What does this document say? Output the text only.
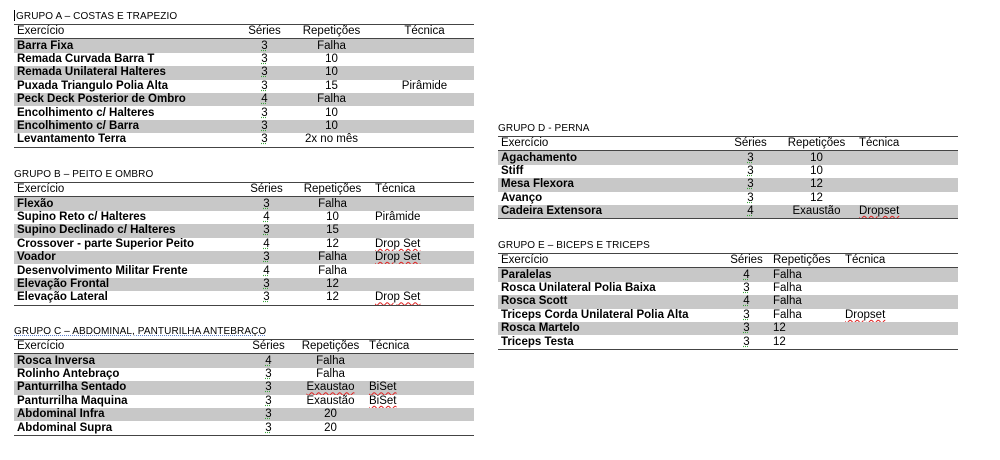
GRUPO A – COSTAS E TRAPEZIO
Exercício	Séries	Repetições	Técnica
Barra Fixa	3	Falha	
Remada Curvada Barra T	3	10	
Remada Unilateral Halteres	3	10	
Puxada Triangulo Polia Alta	3	15	Pirâmide
Peck Deck Posterior de Ombro	4	Falha	
Encolhimento c/ Halteres	3	10	
Encolhimento c/ Barra	3	10	
Levantamento Terra	3	2x no mês	
GRUPO B – PEITO E OMBRO
Exercício	Séries	Repetições	Técnica
Flexão	3	Falha	
Supino Reto c/ Halteres	4	10	Pirâmide
Supino Declinado c/ Halteres	3	15	
Crossover - parte Superior Peito	4	12	Drop Set
Voador	3	Falha	Drop Set
Desenvolvimento Militar Frente	4	Falha	
Elevação Frontal	3	12	
Elevação Lateral	3	12	Drop Set
GRUPO C – ABDOMINAL, PANTURILHA ANTEBRAÇO
Exercício	Séries	Repetições	Técnica
Rosca Inversa	4	Falha	
Rolinho Antebraço	3	Falha	
Panturrilha Sentado	3	Exaustao	BiSet
Panturrilha Maquina	3	Exaustão	BiSet
Abdominal Infra	3	20	
Abdominal Supra	3	20	
GRUPO D - PERNA
Exercício	Séries	Repetições	Técnica
Agachamento	3	10	
Stiff	3	10	
Mesa Flexora	3	12	
Avanço	3	12	
Cadeira Extensora	4	Exaustão	Dropset
GRUPO E – BICEPS E TRICEPS
Exercício	Séries	Repetições	Técnica
Paralelas	4	Falha	
Rosca Unilateral Polia Baixa	3	Falha	
Rosca Scott	4	Falha	
Triceps Corda Unilateral Polia Alta	3	Falha	Dropset
Rosca Martelo	3	12	
Triceps Testa	3	12	
